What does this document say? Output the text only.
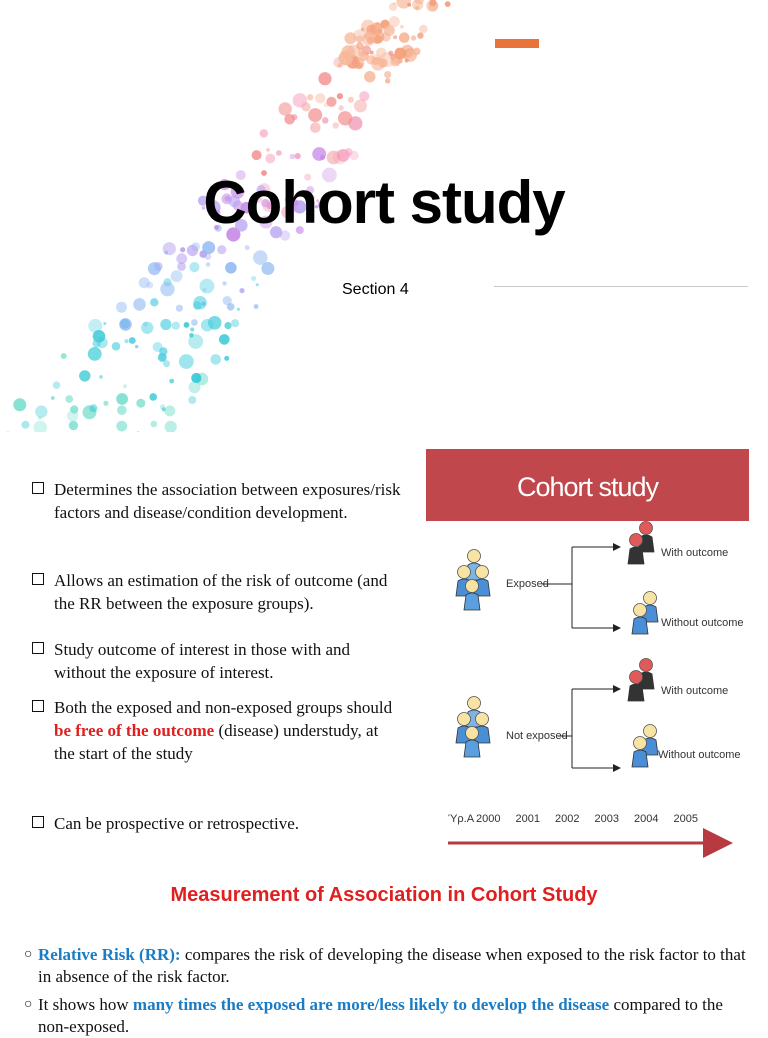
Cohort study
Section 4
Determines the association between exposures/risk factors and disease/condition development.
Allows an estimation of the risk of outcome (and the RR between the exposure groups).
Study outcome of interest in those with and without the exposure of interest.
Both the exposed and non-exposed groups should be free of the outcome (disease) understudy, at the start of the study
Can be prospective or retrospective.
Cohort study
Exposed
Not exposed
With outcome
Without outcome
With outcome
Without outcome
Ύρ.Α 2000 2001 2002 2003 2004 2005
Measurement of Association in Cohort Study
○ Relative Risk (RR): compares the risk of developing the disease when exposed to the risk factor to that in absence of the risk factor.
○ It shows how many times the exposed are more/less likely to develop the disease compared to the non-exposed.
